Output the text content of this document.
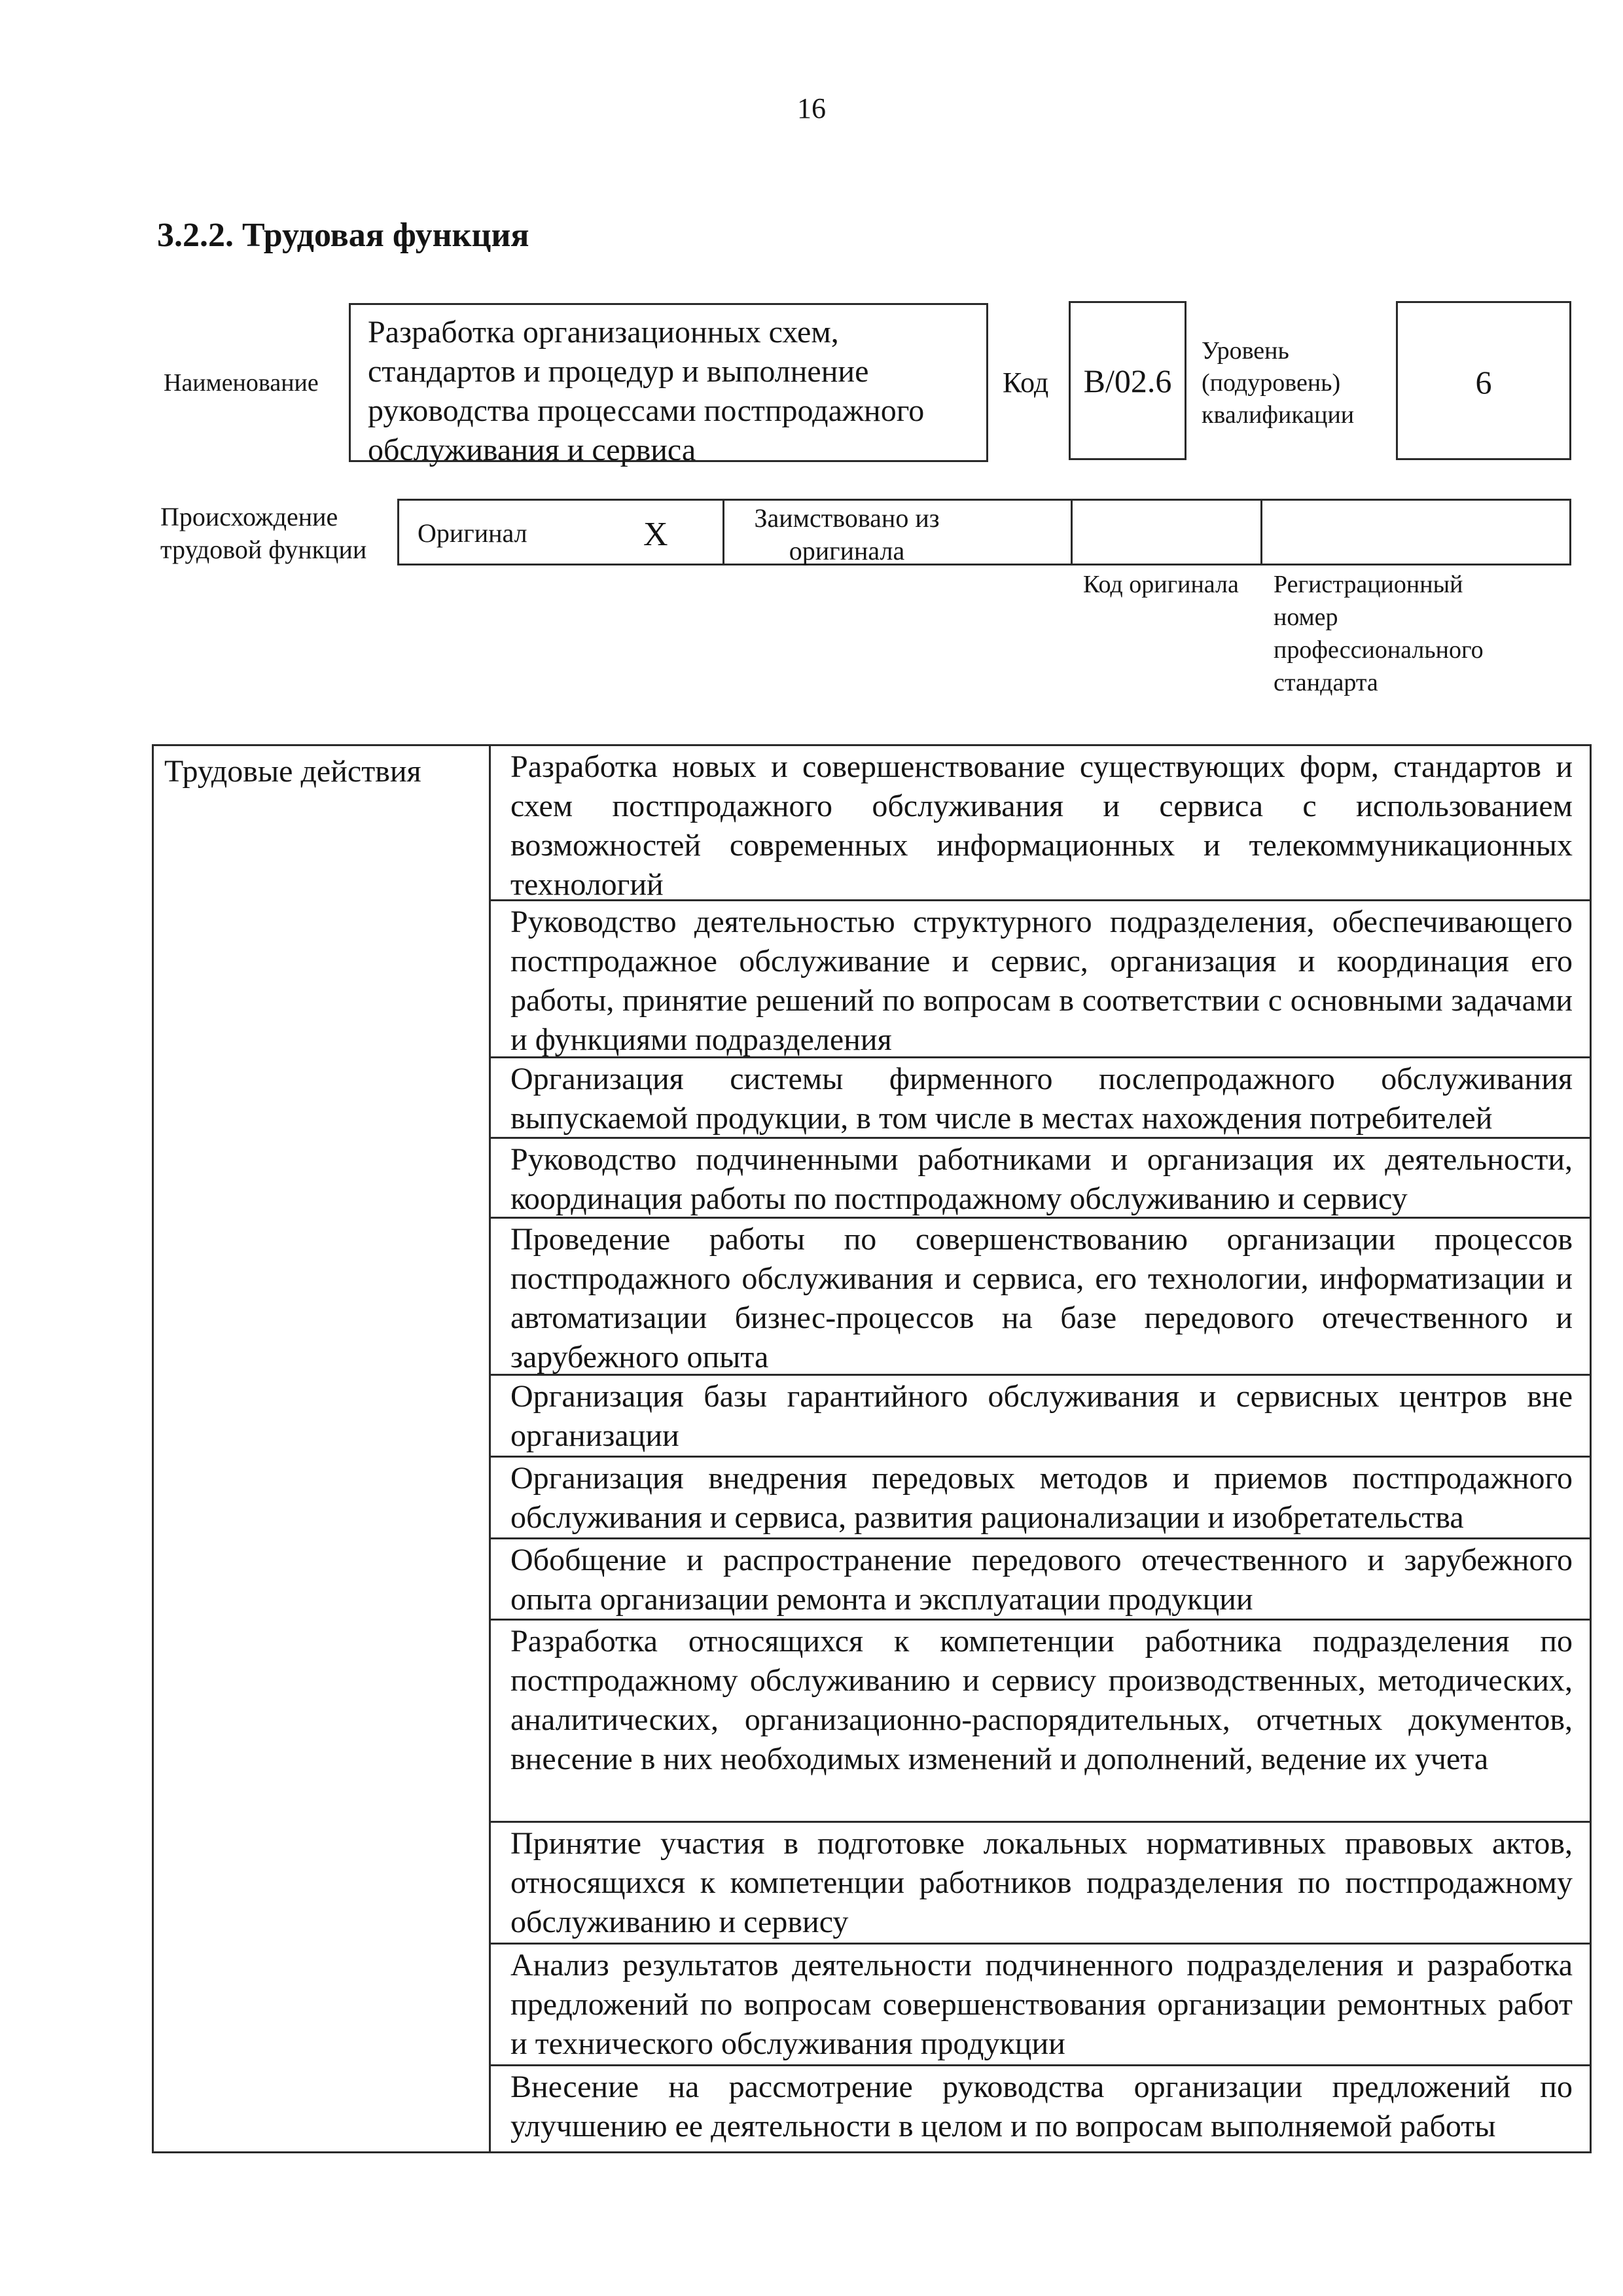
16
3.2.2. Трудовая функция
Наименование
Разработка организационных схем, стандартов и процедур и выполнение руководства процессами постпродажного обслуживания и сервиса
Код	В/02.6
Уровень (подуровень) квалификации
6
Происхождение трудовой функции
Оригинал	X	Заимствовано из оригинала
Код оригинала Регистрационный номер профессионального стандарта
Трудовые действия	Разработка новых и совершенствование существующих форм, стандартов и схем постпродажного обслуживания и сервиса с использованием возможностей современных информационных и телекоммуникационных технологий
Руководство деятельностью структурного подразделения, обеспечивающего постпродажное обслуживание и сервис, организация и координация его работы, принятие решений по вопросам в соответствии с основными задачами и функциями подразделения
Организация системы фирменного послепродажного обслуживания выпускаемой продукции, в том числе в местах нахождения потребителей
Руководство подчиненными работниками и организация их деятельности, координация работы по постпродажному обслуживанию и сервису
Проведение работы по совершенствованию организации процессов постпродажного обслуживания и сервиса, его технологии, информатизации и автоматизации бизнес-процессов на базе передового отечественного и зарубежного опыта
Организация базы гарантийного обслуживания и сервисных центров вне организации
Организация внедрения передовых методов и приемов постпродажного обслуживания и сервиса, развития рационализации и изобретательства
Обобщение и распространение передового отечественного и зарубежного опыта организации ремонта и эксплуатации продукции
Разработка относящихся к компетенции работника подразделения по постпродажному обслуживанию и сервису производственных, методических, аналитических, организационно-распорядительных, отчетных документов, внесение в них необходимых изменений и дополнений, ведение их учета
Принятие участия в подготовке локальных нормативных правовых актов, относящихся к компетенции работников подразделения по постпродажному обслуживанию и сервису
Анализ результатов деятельности подчиненного подразделения и разработка предложений по вопросам совершенствования организации ремонтных работ и технического обслуживания продукции
Внесение на рассмотрение руководства организации предложений по улучшению ее деятельности в целом и по вопросам выполняемой работы
